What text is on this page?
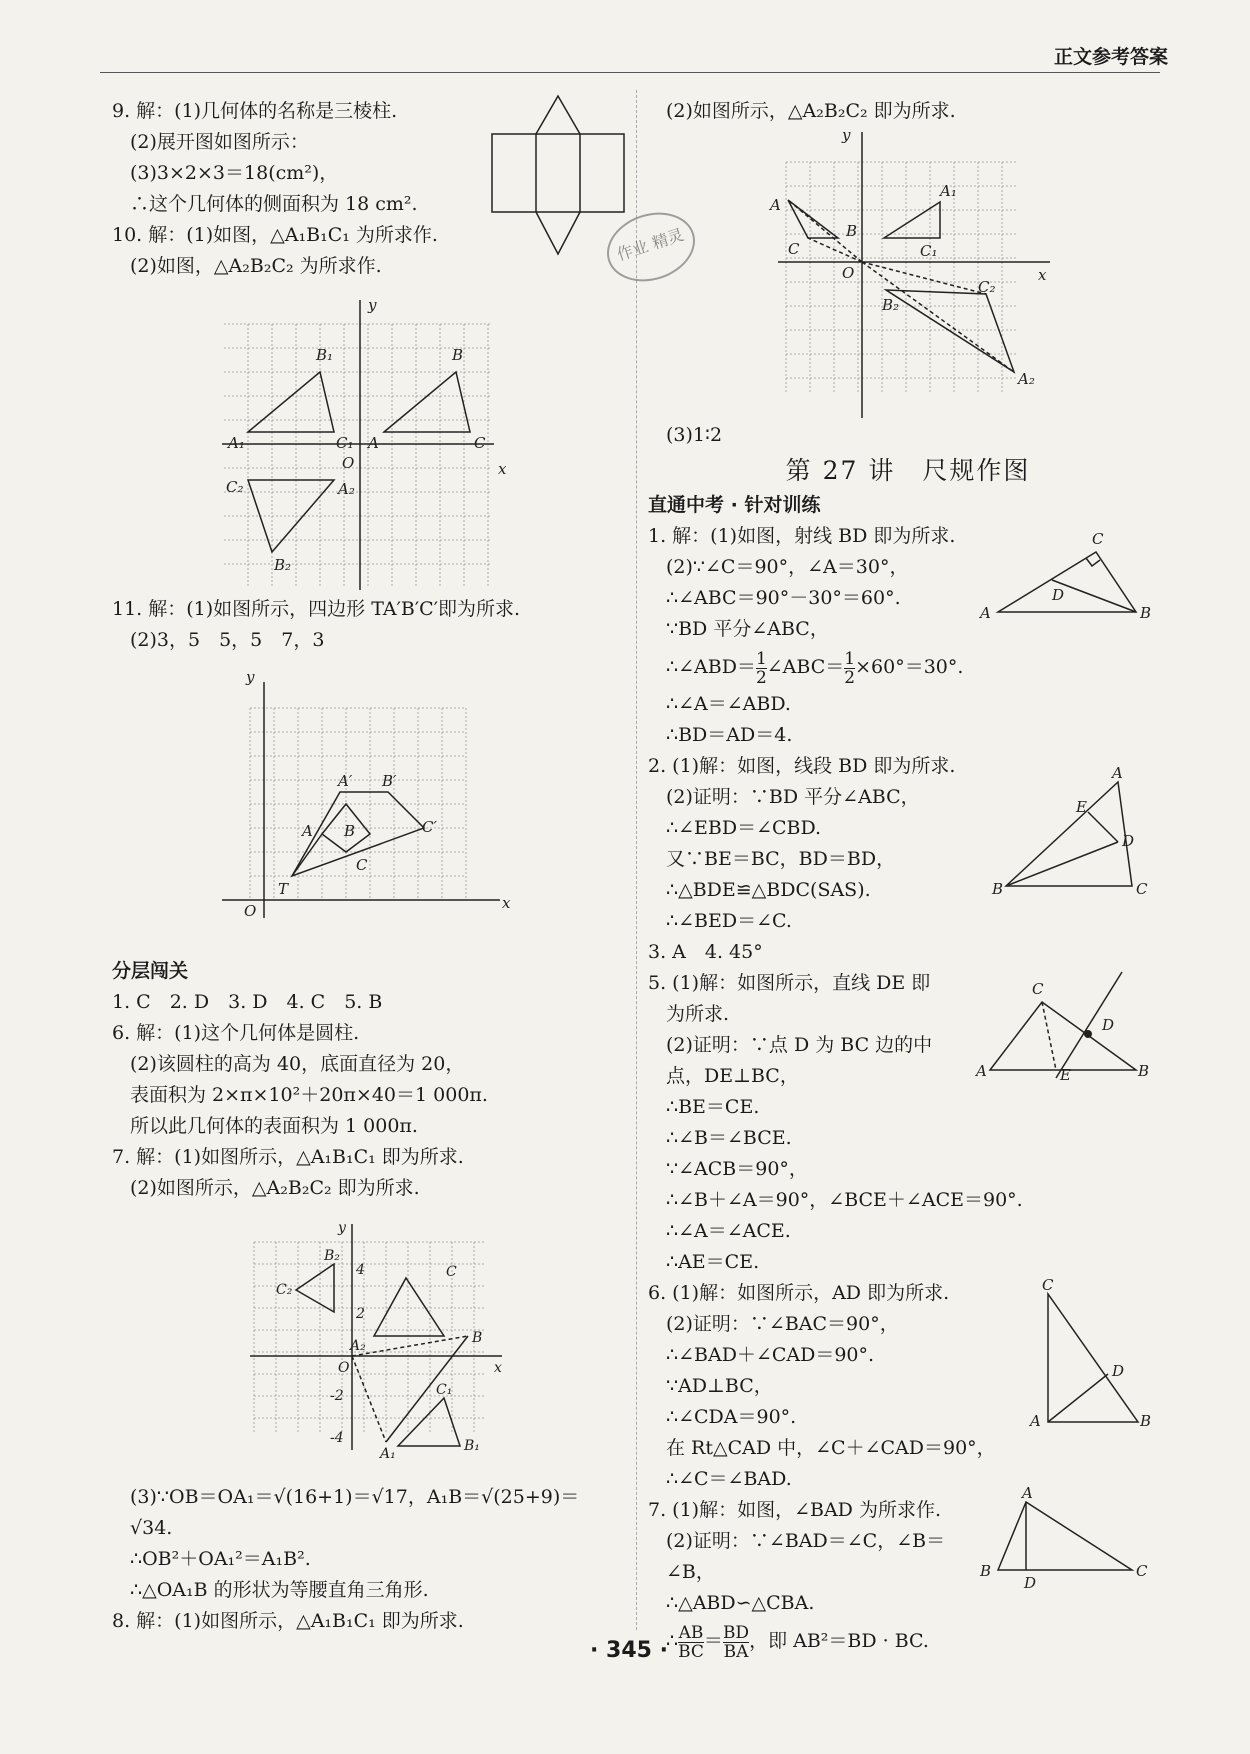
正文参考答案
9. 解：(1)几何体的名称是三棱柱.
(2)展开图如图所示：
(3)3×2×3＝18(cm²)，
∴这个几何体的侧面积为 18 cm².
10. 解：(1)如图，△A₁B₁C₁ 为所求作.
(2)如图，△A₂B₂C₂ 为所求作.
11. 解：(1)如图所示，四边形 TA′B′C′即为所求.
(2)3，5　5，5　7，3
分层闯关
1. C　2. D　3. D　4. C　5. B
6. 解：(1)这个几何体是圆柱.
(2)该圆柱的高为 40，底面直径为 20，
表面积为 2×π×10²＋20π×40＝1 000π.
所以此几何体的表面积为 1 000π.
7. 解：(1)如图所示，△A₁B₁C₁ 即为所求.
(2)如图所示，△A₂B₂C₂ 即为所求.
(3)∵OB＝OA₁＝√(16+1)＝√17，A₁B＝√(25+9)＝
√34.
∴OB²＋OA₁²＝A₁B².
∴△OA₁B 的形状为等腰直角三角形.
8. 解：(1)如图所示，△A₁B₁C₁ 即为所求.
(2)如图所示，△A₂B₂C₂ 即为所求.
(3)1∶2
第 27 讲　尺规作图
直通中考 · 针对训练
1. 解：(1)如图，射线 BD 即为所求.
(2)∵∠C＝90°，∠A＝30°，
∴∠ABC＝90°－30°＝60°.
∵BD 平分∠ABC，
∴∠ABD＝ $\frac{1}{2}$ ∠ABC＝ $\frac{1}{2} \times 60^\circ=30^\circ$.
∴∠A＝∠ABD.
∴BD＝AD＝4.
2. (1)解：如图，线段 BD 即为所求.
(2)证明：∵BD 平分∠ABC，
∴∠EBD＝∠CBD.
又∵BE＝BC，BD＝BD，
∴△BDE≌△BDC(SAS).
∴∠BED＝∠C.
3. A　4. 45°
5. (1)解：如图所示，直线 DE 即
为所求.
(2)证明：∵点 D 为 BC 边的中
点，DE⊥BC，
∴BE＝CE.
∴∠B＝∠BCE.
∵∠ACB＝90°，
∴∠B＋∠A＝90°，∠BCE＋∠ACE＝90°.
∴∠A＝∠ACE.
∴AE＝CE.
6. (1)解：如图所示，AD 即为所求.
(2)证明：∵∠BAC＝90°，
∴∠BAD＋∠CAD＝90°.
∵AD⊥BC，
∴∠CDA＝90°.
在 Rt△CAD 中，∠C＋∠CAD＝90°，
∴∠C＝∠BAD.
7. (1)解：如图，∠BAD 为所求作.
(2)证明：∵∠BAD＝∠C，∠B＝
∠B，
∴△ABD∽△CBA.
∴ $\frac{AB}{BC} = \frac{BD}{BA}$ ，即 AB²＝BD · BC.
B₁	B
A₁	C₁ A	C
O	x
y
C₂	A₂
B₂
A′ B′
A B	C′
C
T
O	x
y
B₂
C₂
C
A₂	B
C₁
A₁	B₁
O	x
y
4
2
-2
-4
A₁
A
B
C	C₁
O	x
y
C₂
B₂
A₂
C
D
A	B
A
E
D
B	C
C
D
A	E	B
C
D
A	B
A
B
D
C
作业 精灵
· 345 ·
